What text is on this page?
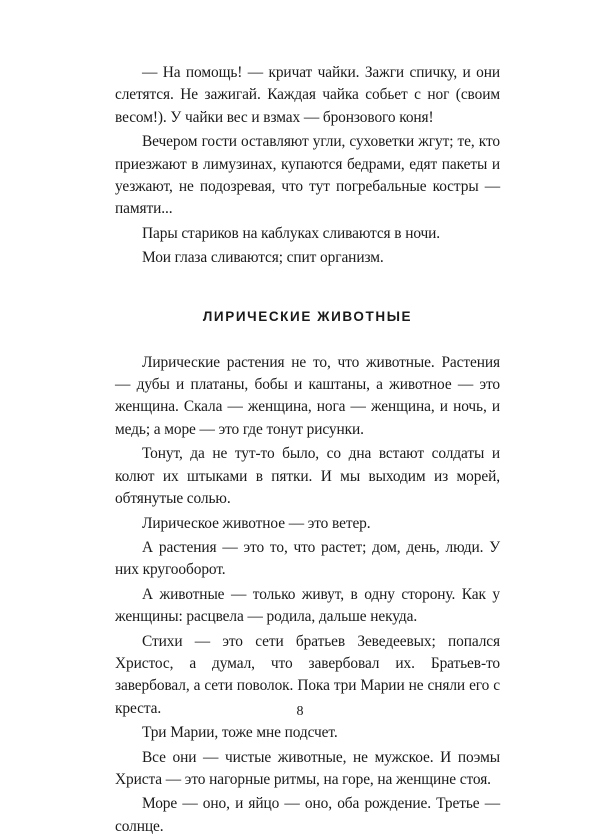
— На помощь! — кричат чайки. Зажги спичку, и они слетятся. Не зажигай. Каждая чайка собьет с ног (своим весом!). У чайки вес и взмах — бронзового коня!

Вечером гости оставляют угли, суховетки жгут; те, кто приезжают в лимузинах, купаются бедрами, едят пакеты и уезжают, не подозревая, что тут погребальные костры — памяти...

Пары стариков на каблуках сливаются в ночи.

Мои глаза сливаются; спит организм.

ЛИРИЧЕСКИЕ ЖИВОТНЫЕ

Лирические растения не то, что животные. Растения — дубы и платаны, бобы и каштаны, а животное — это женщина. Скала — женщина, нога — женщина, и ночь, и медь; а море — это где тонут рисунки.

Тонут, да не тут-то было, со дна встают солдаты и колют их штыками в пятки. И мы выходим из морей, обтянутые солью.

Лирическое животное — это ветер.

А растения — это то, что растет; дом, день, люди. У них кругооборот.

А животные — только живут, в одну сторону. Как у женщины: расцвела — родила, дальше некуда.

Стихи — это сети братьев Зеведеевых; попался Христос, а думал, что завербовал их. Братьев-то завербовал, а сети поволок. Пока три Марии не сняли его с креста.

Три Марии, тоже мне подсчет.

Все они — чистые животные, не мужское. И поэмы Христа — это нагорные ритмы, на горе, на женщине стоя.

Море — оно, и яйцо — оно, оба рождение. Третье — солнце.

8
